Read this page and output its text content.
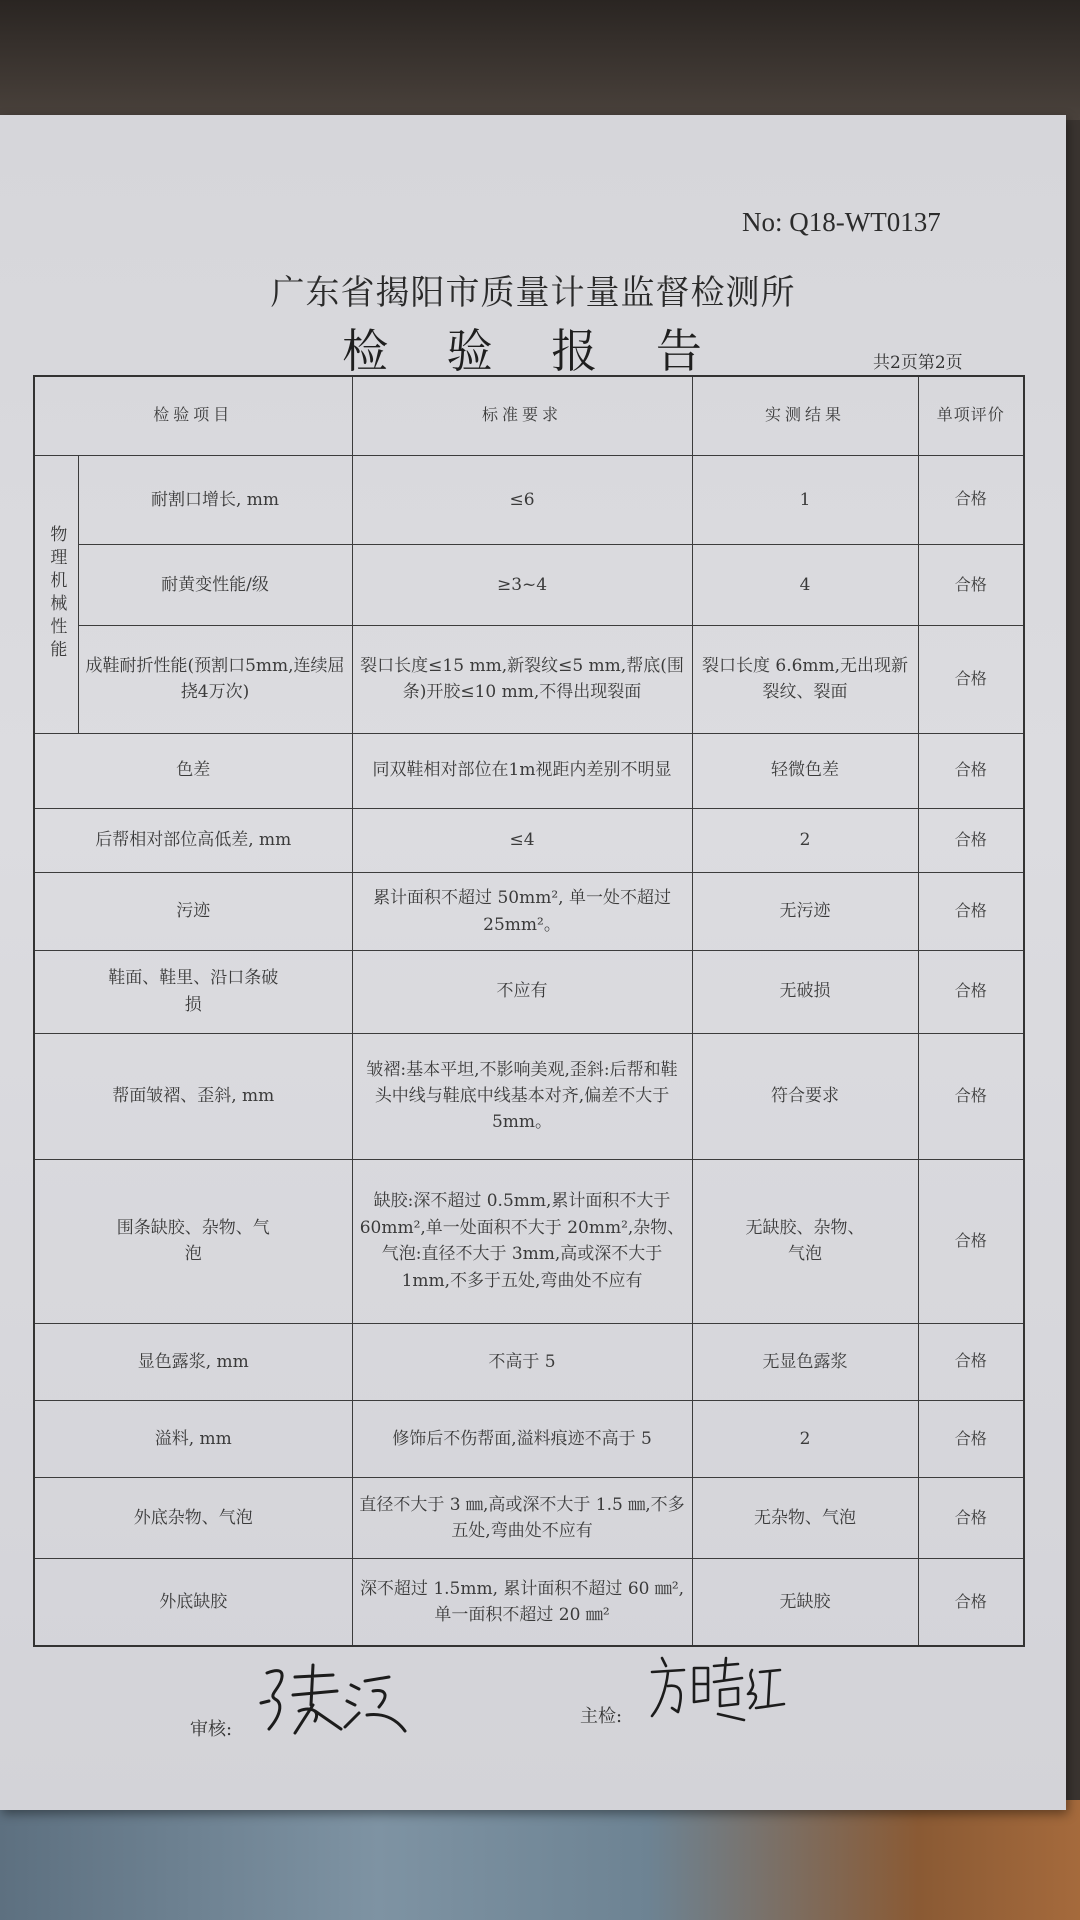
No: Q18-WT0137
广东省揭阳市质量计量监督检测所
检 验 报 告	共2页第2页
检验项目		标准要求	实测结果	单项评价
物理机械性能	耐割口增长, mm	≤6	1	合格
	耐黄变性能/级	≥3~4	4	合格
	成鞋耐折性能(预割口5mm,连续屈挠4万次)	裂口长度≤15 mm,新裂纹≤5 mm,帮底(围条)开胶≤10 mm,不得出现裂面	裂口长度 6.6mm,无出现新裂纹、裂面	合格
色差		同双鞋相对部位在1m视距内差别不明显	轻微色差	合格
后帮相对部位高低差, mm		≤4	2	合格
污迹		累计面积不超过 50mm², 单一处不超过 25mm²。	无污迹	合格
鞋面、鞋里、沿口条破损		不应有	无破损	合格
帮面皱褶、歪斜, mm		皱褶:基本平坦,不影响美观,歪斜:后帮和鞋头中线与鞋底中线基本对齐,偏差不大于 5mm。	符合要求	合格
围条缺胶、杂物、气泡		缺胶:深不超过 0.5mm,累计面积不大于 60mm²,单一处面积不大于 20mm²,杂物、气泡:直径不大于 3mm,高或深不大于 1mm,不多于五处,弯曲处不应有	无缺胶、杂物、气泡	合格
显色露浆, mm		不高于 5	无显色露浆	合格
溢料, mm		修饰后不伤帮面,溢料痕迹不高于 5	2	合格
外底杂物、气泡		直径不大于 3 ㎜,高或深不大于 1.5 ㎜,不多五处,弯曲处不应有	无杂物、气泡	合格
外底缺胶		深不超过 1.5mm, 累计面积不超过 60 ㎜², 单一面积不超过 20 ㎜²	无缺胶	合格
审核:
主检:
